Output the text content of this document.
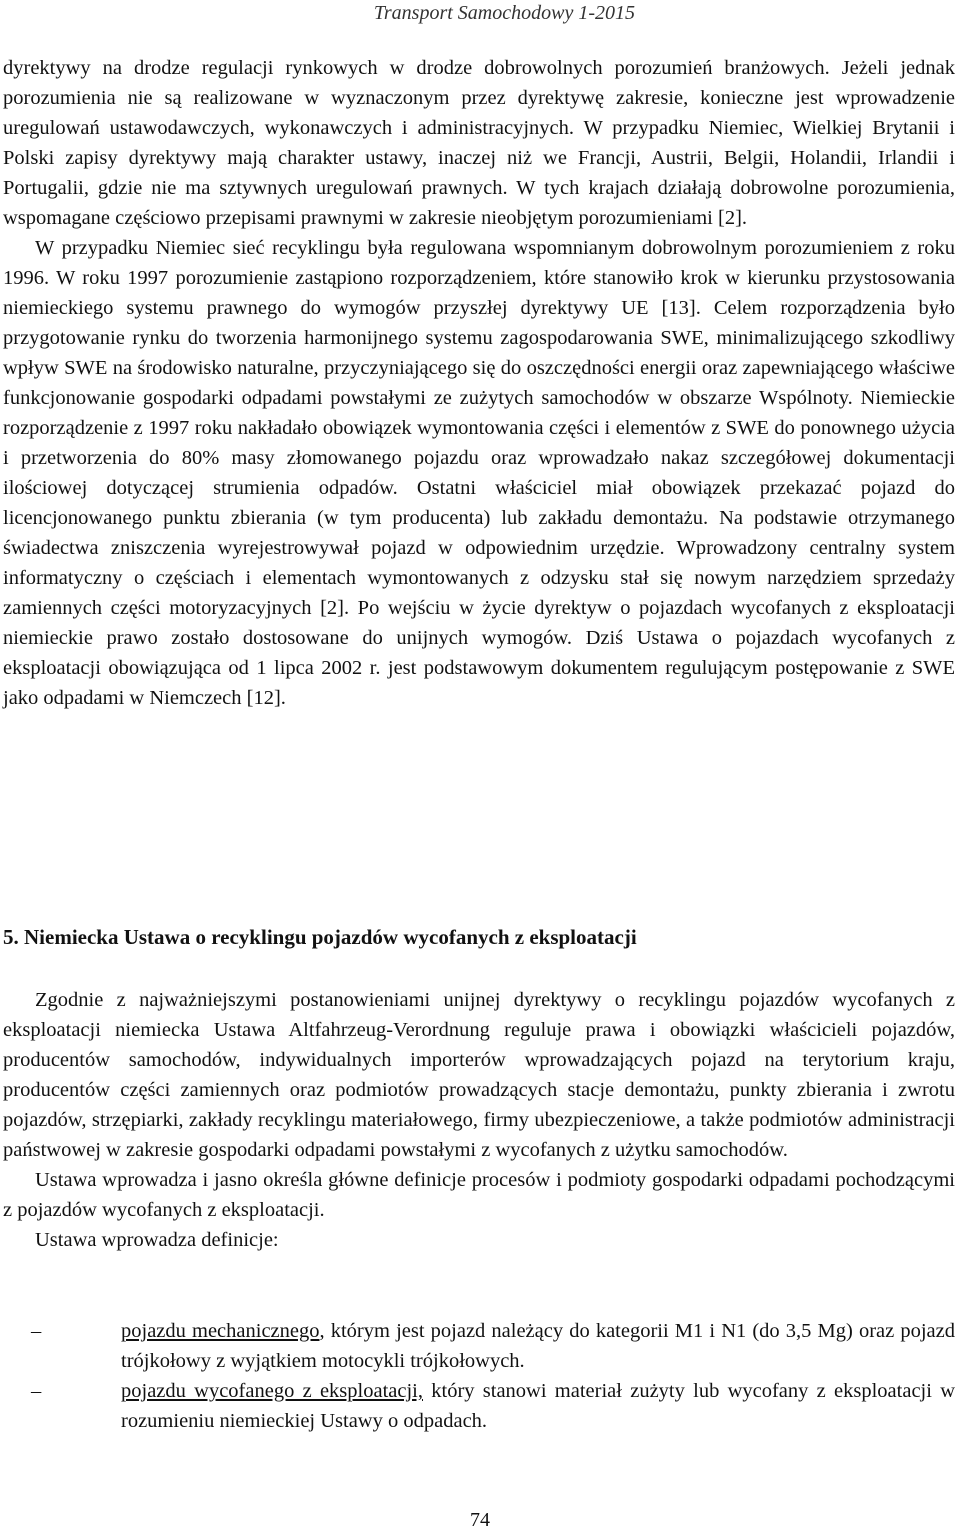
Transport Samochodowy 1-2015

dyrektywy na drodze regulacji rynkowych w drodze dobrowolnych porozumień branżowych. Jeżeli jednak porozumienia nie są realizowane w wyznaczonym przez dyrektywę zakresie, konieczne jest wprowadzenie uregulowań ustawodawczych, wykonawczych i administracyjnych. W przypadku Niemiec, Wielkiej Brytanii i Polski zapisy dyrektywy mają charakter ustawy, inaczej niż we Francji, Austrii, Belgii, Holandii, Irlandii i Portugalii, gdzie nie ma sztywnych uregulowań prawnych. W tych krajach działają dobrowolne porozumienia, wspomagane częściowo przepisami prawnymi w zakresie nieobjętym porozumieniami [2].

W przypadku Niemiec sieć recyklingu była regulowana wspomnianym dobrowolnym porozumieniem z roku 1996. W roku 1997 porozumienie zastąpiono rozporządzeniem, które stanowiło krok w kierunku przystosowania niemieckiego systemu prawnego do wymogów przyszłej dyrektywy UE [13]. Celem rozporządzenia było przygotowanie rynku do tworzenia harmonijnego systemu zagospodarowania SWE, minimalizującego szkodliwy wpływ SWE na środowisko naturalne, przyczyniającego się do oszczędności energii oraz zapewniającego właściwe funkcjonowanie gospodarki odpadami powstałymi ze zużytych samochodów w obszarze Wspólnoty. Niemieckie rozporządzenie z 1997 roku nakładało obowiązek wymontowania części i elementów z SWE do ponownego użycia i przetworzenia do 80% masy złomowanego pojazdu oraz wprowadzało nakaz szczegółowej dokumentacji ilościowej dotyczącej strumienia odpadów. Ostatni właściciel miał obowiązek przekazać pojazd do licencjonowanego punktu zbierania (w tym producenta) lub zakładu demontażu. Na podstawie otrzymanego świadectwa zniszczenia wyrejestrowywał pojazd w odpowiednim urzędzie. Wprowadzony centralny system informatyczny o częściach i elementach wymontowanych z odzysku stał się nowym narzędziem sprzedaży zamiennych części motoryzacyjnych [2]. Po wejściu w życie dyrektyw o pojazdach wycofanych z eksploatacji niemieckie prawo zostało dostosowane do unijnych wymogów. Dziś Ustawa o pojazdach wycofanych z eksploatacji obowiązująca od 1 lipca 2002 r. jest podstawowym dokumentem regulującym postępowanie z SWE jako odpadami w Niemczech [12].

5. Niemiecka Ustawa o recyklingu pojazdów wycofanych z eksploatacji

Zgodnie z najważniejszymi postanowieniami unijnej dyrektywy o recyklingu pojazdów wycofanych z eksploatacji niemiecka Ustawa Altfahrzeug-Verordnung reguluje prawa i obowiązki właścicieli pojazdów, producentów samochodów, indywidualnych importerów wprowadzających pojazd na terytorium kraju, producentów części zamiennych oraz podmiotów prowadzących stacje demontażu, punkty zbierania i zwrotu pojazdów, strzępiarki, zakłady recyklingu materiałowego, firmy ubezpieczeniowe, a także podmiotów administracji państwowej w zakresie gospodarki odpadami powstałymi z wycofanych z użytku samochodów.

Ustawa wprowadza i jasno określa główne definicje procesów i podmioty gospodarki odpadami pochodzącymi z pojazdów wycofanych z eksploatacji.

Ustawa wprowadza definicje:

–	pojazdu mechanicznego, którym jest pojazd należący do kategorii M1 i N1 (do 3,5 Mg) oraz pojazd trójkołowy z wyjątkiem motocykli trójkołowych.
–	pojazdu wycofanego z eksploatacji, który stanowi materiał zużyty lub wycofany z eksploatacji w rozumieniu niemieckiej Ustawy o odpadach.
74
